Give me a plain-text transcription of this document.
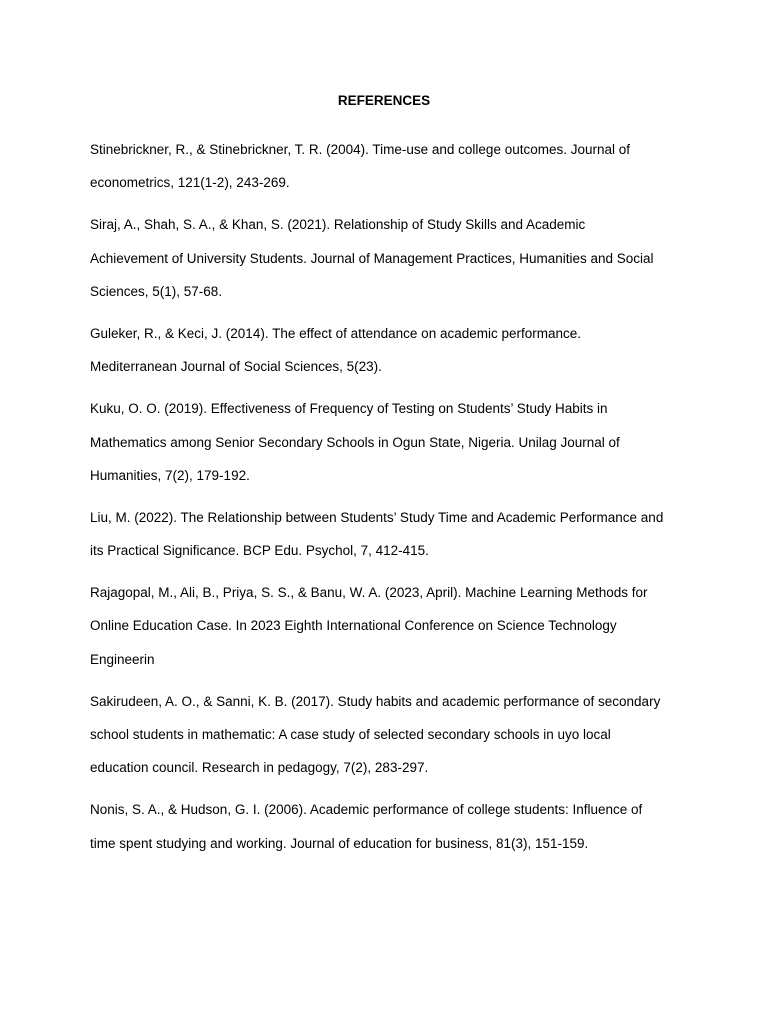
REFERENCES
Stinebrickner, R., & Stinebrickner, T. R. (2004). Time-use and college outcomes. Journal of
econometrics, 121(1-2), 243-269.
Siraj, A., Shah, S. A., & Khan, S. (2021). Relationship of Study Skills and Academic
Achievement of University Students. Journal of Management Practices, Humanities and Social
Sciences, 5(1), 57-68.
Guleker, R., & Keci, J. (2014). The effect of attendance on academic performance.
Mediterranean Journal of Social Sciences, 5(23).
Kuku, O. O. (2019). Effectiveness of Frequency of Testing on Students’ Study Habits in
Mathematics among Senior Secondary Schools in Ogun State, Nigeria. Unilag Journal of
Humanities, 7(2), 179-192.
Liu, M. (2022). The Relationship between Students’ Study Time and Academic Performance and
its Practical Significance. BCP Edu. Psychol, 7, 412-415.
Rajagopal, M., Ali, B., Priya, S. S., & Banu, W. A. (2023, April). Machine Learning Methods for
Online Education Case. In 2023 Eighth International Conference on Science Technology
Engineerin
Sakirudeen, A. O., & Sanni, K. B. (2017). Study habits and academic performance of secondary
school students in mathematic: A case study of selected secondary schools in uyo local
education council. Research in pedagogy, 7(2), 283-297.
Nonis, S. A., & Hudson, G. I. (2006). Academic performance of college students: Influence of
time spent studying and working. Journal of education for business, 81(3), 151-159.
